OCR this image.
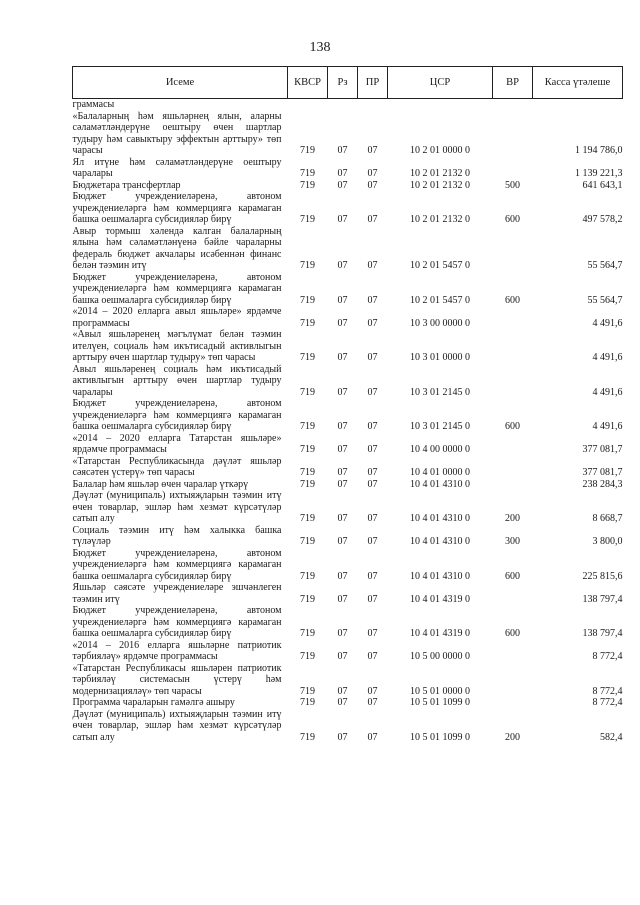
138
Исеме	КВСР	Рз	ПР	ЦСР	ВР	Касса үтәлеше
граммасы						
«Балаларның һәм яшьләрнең ялын, аларны сәламәтләндерүне оештыру өчен шартлар тудыру һәм савыктыру эффектын арттыру» төп чарасы	719	07	07	10 2 01 0000 0		1 194 786,0
Ял итүне һәм сәламәтләндерүне оештыру чаралары	719	07	07	10 2 01 2132 0		1 139 221,3
Бюджетара трансфертлар	719	07	07	10 2 01 2132 0	500	641 643,1
Бюджет учреждениеләренә, автоном учреждениеләргә һәм коммерциягә карамаган башка оешмаларга субсидияләр бирү	719	07	07	10 2 01 2132 0	600	497 578,2
Авыр тормыш хәлендә калган балаларның ялына һәм сәламәтләнүенә бәйле чараларны федераль бюджет акчалары исәбеннән финанс белән тәэмин итү	719	07	07	10 2 01 5457 0		55 564,7
Бюджет учреждениеләренә, автоном учреждениеләргә һәм коммерциягә карамаган башка оешмаларга субсидияләр бирү	719	07	07	10 2 01 5457 0	600	55 564,7
«2014 – 2020 елларга авыл яшьләре» ярдәмче программасы	719	07	07	10 3 00 0000 0		4 491,6
«Авыл яшьләренең мәгълүмат белән тәэмин ителүен, социаль һәм икътисадый активлыгын арттыру өчен шартлар тудыру» төп чарасы	719	07	07	10 3 01 0000 0		4 491,6
Авыл яшьләренең социаль һәм икътисадый активлыгын арттыру өчен шартлар тудыру чаралары	719	07	07	10 3 01 2145 0		4 491,6
Бюджет учреждениеләренә, автоном учреждениеләргә һәм коммерциягә карамаган башка оешмаларга субсидияләр бирү	719	07	07	10 3 01 2145 0	600	4 491,6
«2014 – 2020 елларга Татарстан яшьләре» ярдәмче программасы	719	07	07	10 4 00 0000 0		377 081,7
«Татарстан Республикасында дәүләт яшьләр сәясәтен үстерү» төп чарасы	719	07	07	10 4 01 0000 0		377 081,7
Балалар һәм яшьләр өчен чаралар үткәрү	719	07	07	10 4 01 4310 0		238 284,3
Дәүләт (муниципаль) ихтыяҗларын тәэмин итү өчен товарлар, эшләр һәм хезмәт күрсәтүләр сатып алу	719	07	07	10 4 01 4310 0	200	8 668,7
Социаль тәэмин итү һәм халыкка башка түләүләр	719	07	07	10 4 01 4310 0	300	3 800,0
Бюджет учреждениеләренә, автоном учреждениеләргә һәм коммерциягә карамаган башка оешмаларга субсидияләр бирү	719	07	07	10 4 01 4310 0	600	225 815,6
Яшьләр сәясәте учреждениеләре эшчәнлеген тәэмин итү	719	07	07	10 4 01 4319 0		138 797,4
Бюджет учреждениеләренә, автоном учреждениеләргә һәм коммерциягә карамаган башка оешмаларга субсидияләр бирү	719	07	07	10 4 01 4319 0	600	138 797,4
«2014 – 2016 елларга яшьләрне патриотик тәрбияләү» ярдәмче программасы	719	07	07	10 5 00 0000 0		8 772,4
«Татарстан Республикасы яшьләрен патриотик тәрбияләү системасын үстерү һәм модернизацияләү» төп чарасы	719	07	07	10 5 01 0000 0		8 772,4
Программа чараларын гамәлгә ашыру	719	07	07	10 5 01 1099 0		8 772,4
Дәүләт (муниципаль) ихтыяҗларын тәэмин итү өчен товарлар, эшләр һәм хезмәт күрсәтүләр сатып алу	719	07	07	10 5 01 1099 0	200	582,4
